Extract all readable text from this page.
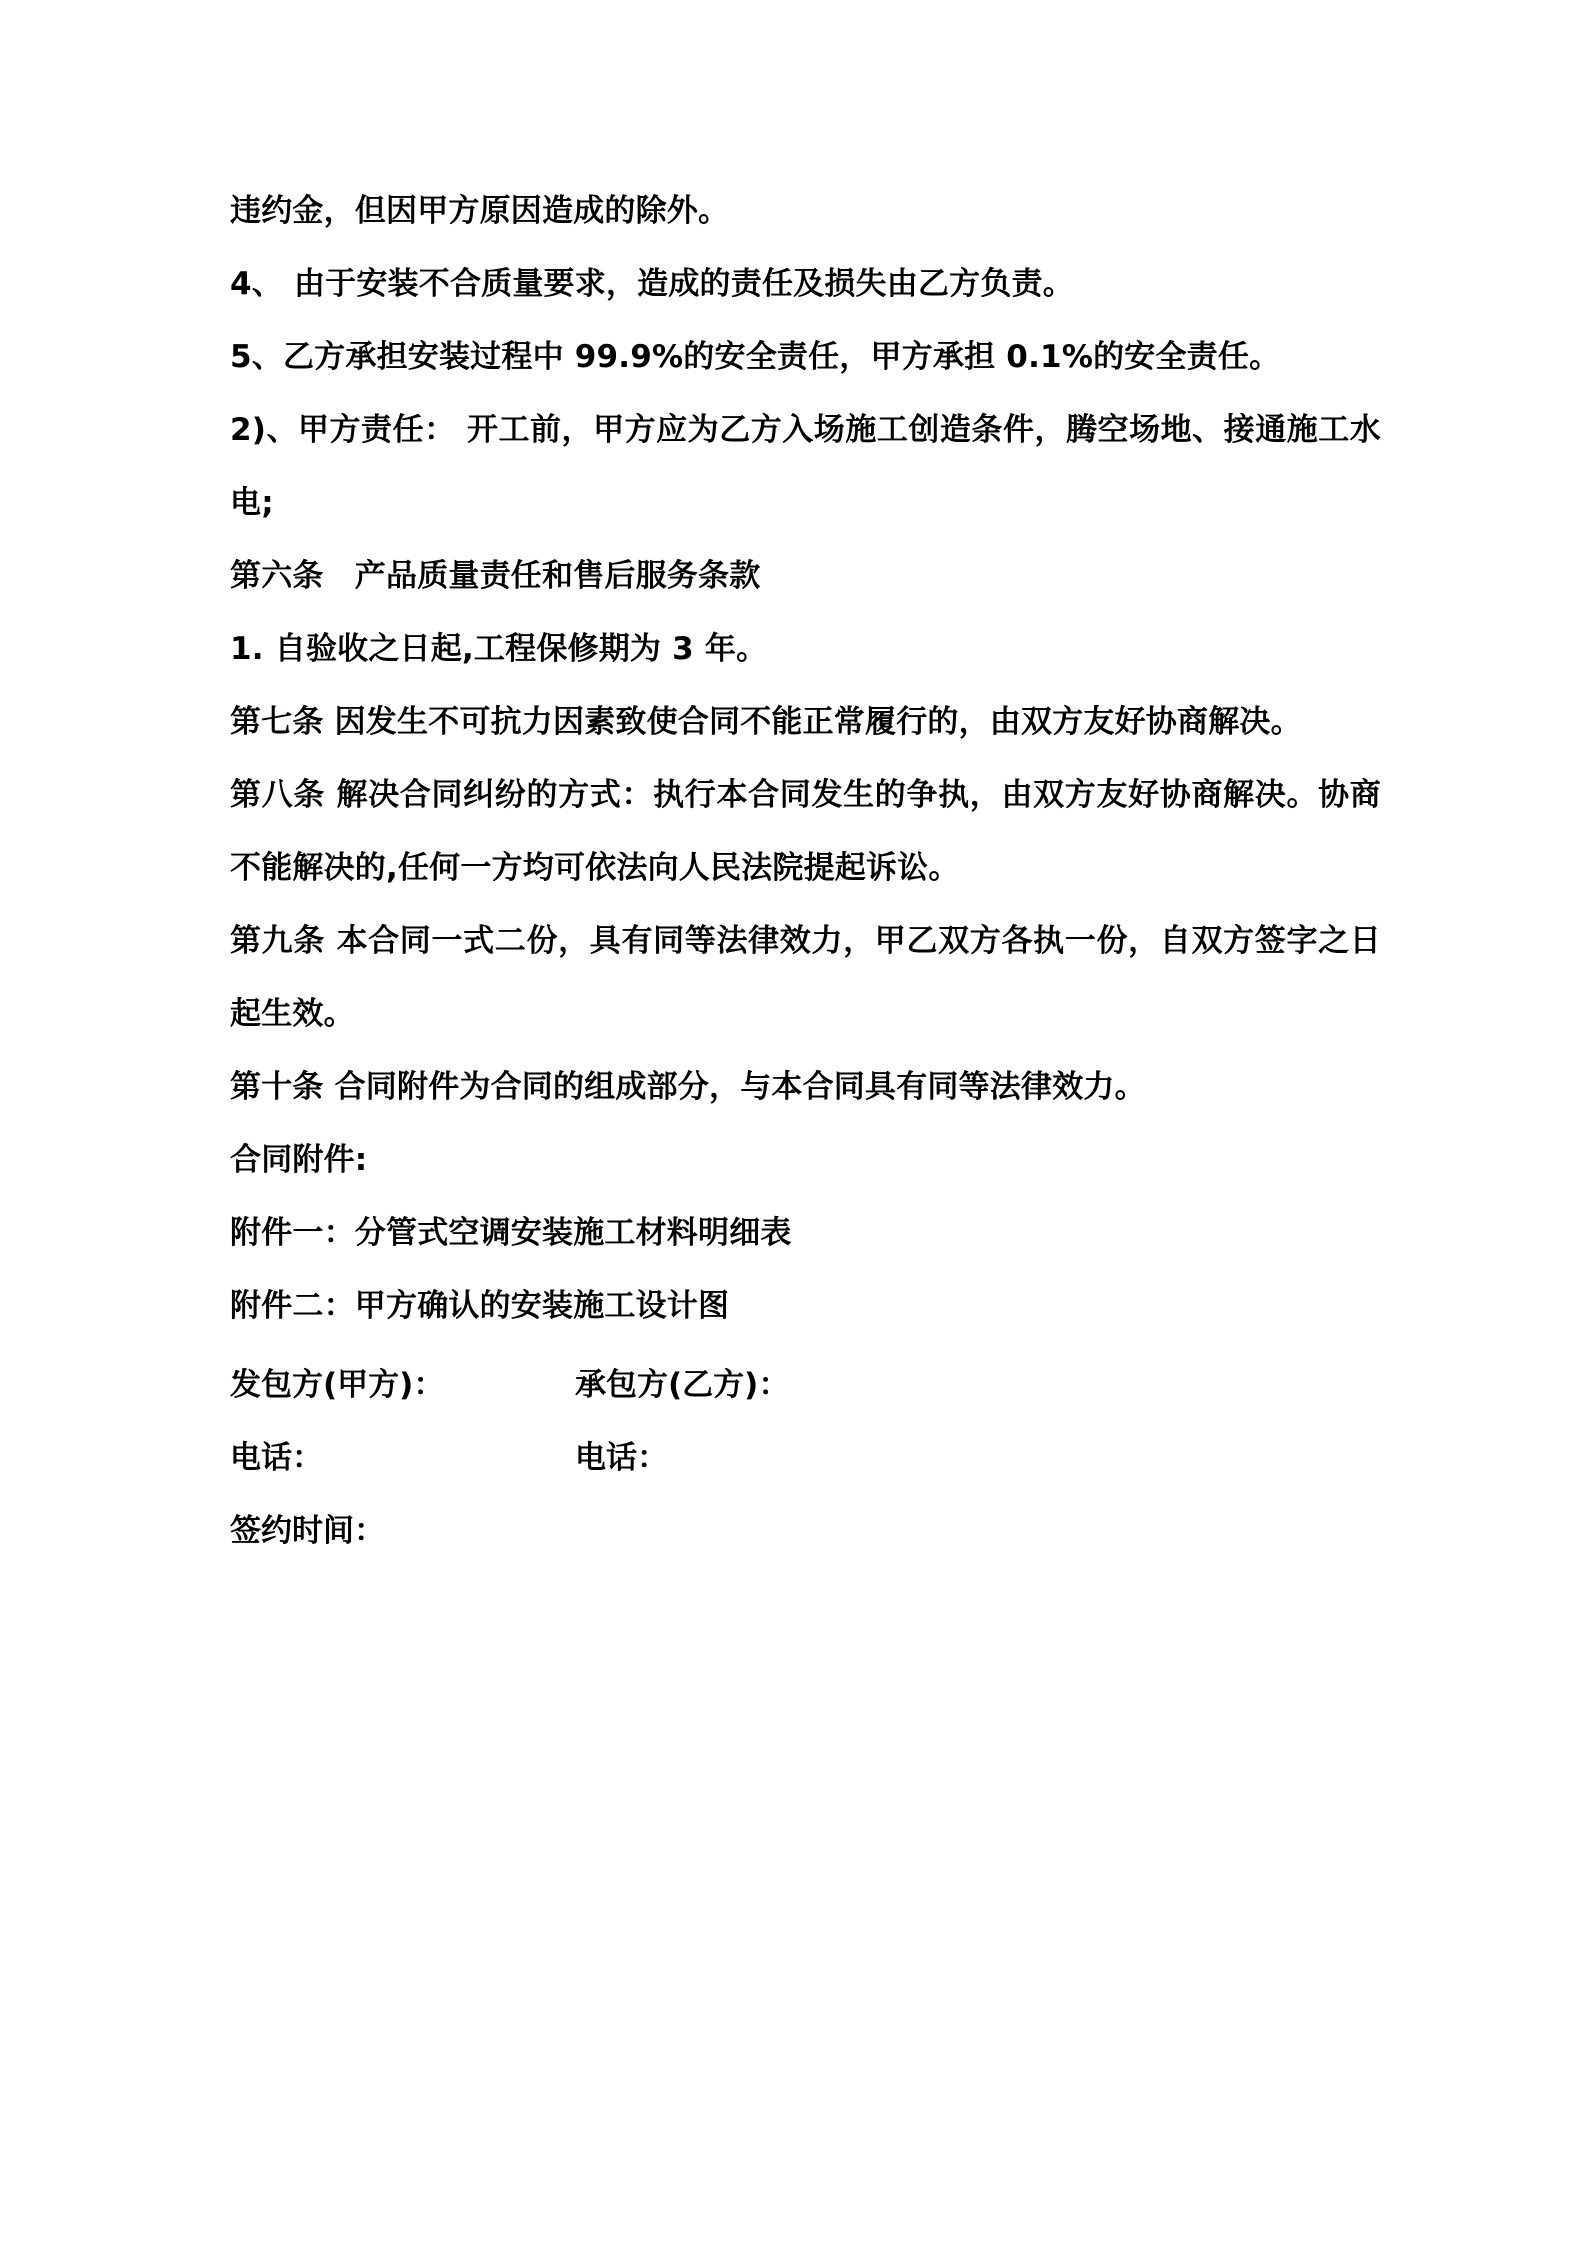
违约金，但因甲方原因造成的除外。

4、 由于安装不合质量要求，造成的责任及损失由乙方负责。

5、乙方承担安装过程中 99.9%的安全责任，甲方承担 0.1%的安全责任。

2)、甲方责任： 开工前，甲方应为乙方入场施工创造条件，腾空场地、接通施工水电;

第六条　产品质量责任和售后服务条款

1. 自验收之日起,工程保修期为 3 年。

第七条 因发生不可抗力因素致使合同不能正常履行的，由双方友好协商解决。

第八条 解决合同纠纷的方式：执行本合同发生的争执，由双方友好协商解决。协商不能解决的,任何一方均可依法向人民法院提起诉讼。

第九条 本合同一式二份，具有同等法律效力，甲乙双方各执一份，自双方签字之日起生效。

第十条 合同附件为合同的组成部分，与本合同具有同等法律效力。

合同附件:

附件一：分管式空调安装施工材料明细表

附件二：甲方确认的安装施工设计图

发包方(甲方)：	承包方(乙方)：
电话：	电话：
签约时间：
